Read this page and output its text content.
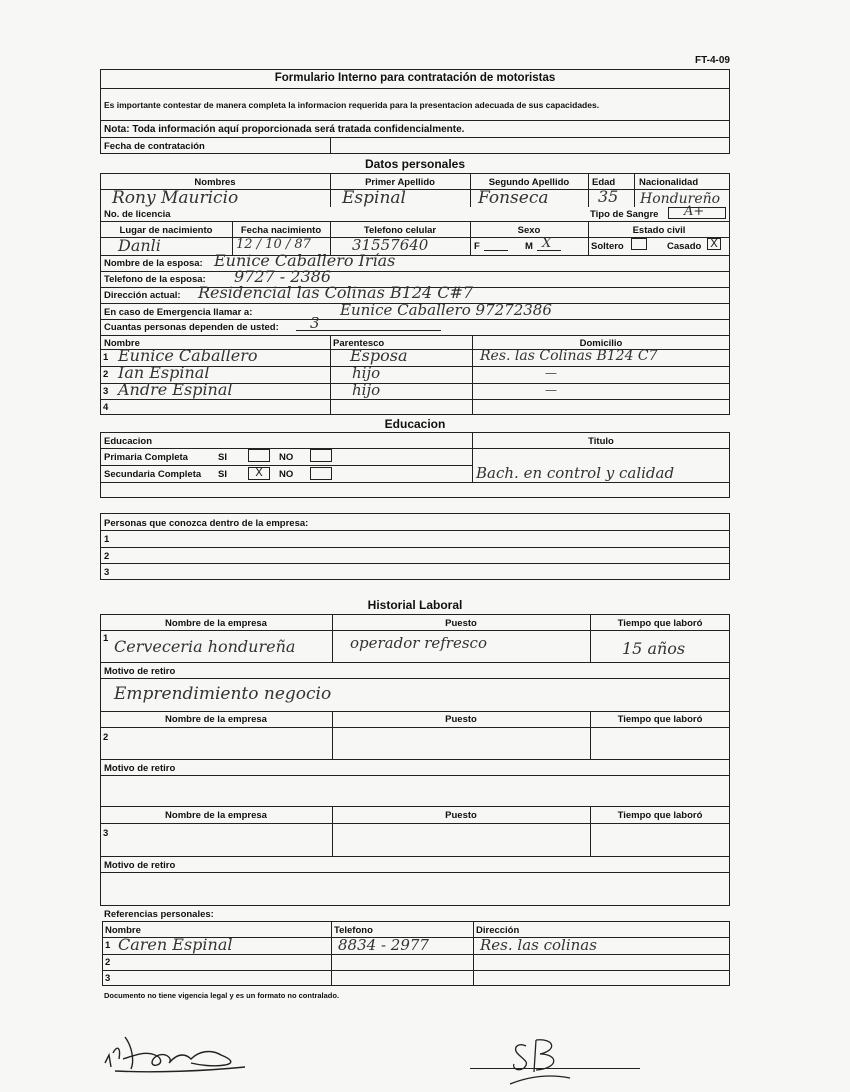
FT-4-09
Formulario Interno para contratación de motoristas
Es importante contestar de manera completa la informacion requerida para la presentacion adecuada de sus capacidades.
Nota: Toda información aquí proporcionada será tratada confidencialmente.
Fecha de contratación
Datos personales
Nombres	Primer Apellido	Segundo Apellido	Edad	Nacionalidad
Rony Mauricio	Espinal	Fonseca	35 Hondureño
No. de licencia	Tipo de Sangre A+
Lugar de nacimiento	Fecha nacimiento	Telefono celular	Sexo	Estado civil
Danli	12 / 10 / 87	31557640	F	M X	Soltero	Casado X
Nombre de la esposa: Eunice Caballero Irías
Telefono de la esposa: 9727 - 2386
Dirección actual: Residencial las Colinas B124 C#7
En caso de Emergencia llamar a:	Eunice Caballero 97272386
Cuantas personas dependen de usted: 3
Nombre	Parentesco	Domicilio
1 Eunice Caballero	Esposa	Res. las Colinas B124 C7
2 Ian Espinal	hijo	—
3 Andre Espinal	hijo	—
4
Educacion
Educacion	Titulo
Primaria Completa	SI	NO
Secundaria Completa SI	X	NO	Bach. en control y calidad
Personas que conozca dentro de la empresa:
1
2
3
Historial Laboral
Nombre de la empresa	Puesto	Tiempo que laboró
1 Cerveceria hondureña	operador refresco	15 años
Motivo de retiro
Emprendimiento negocio
Nombre de la empresa	Puesto	Tiempo que laboró
2
Motivo de retiro
Nombre de la empresa	Puesto	Tiempo que laboró
3
Motivo de retiro
Referencias personales:
Nombre	Telefono	Dirección
1 Caren Espinal	8834 - 2977	Res. las colinas
2
3
Documento no tiene vigencia legal y es un formato no contralado.
